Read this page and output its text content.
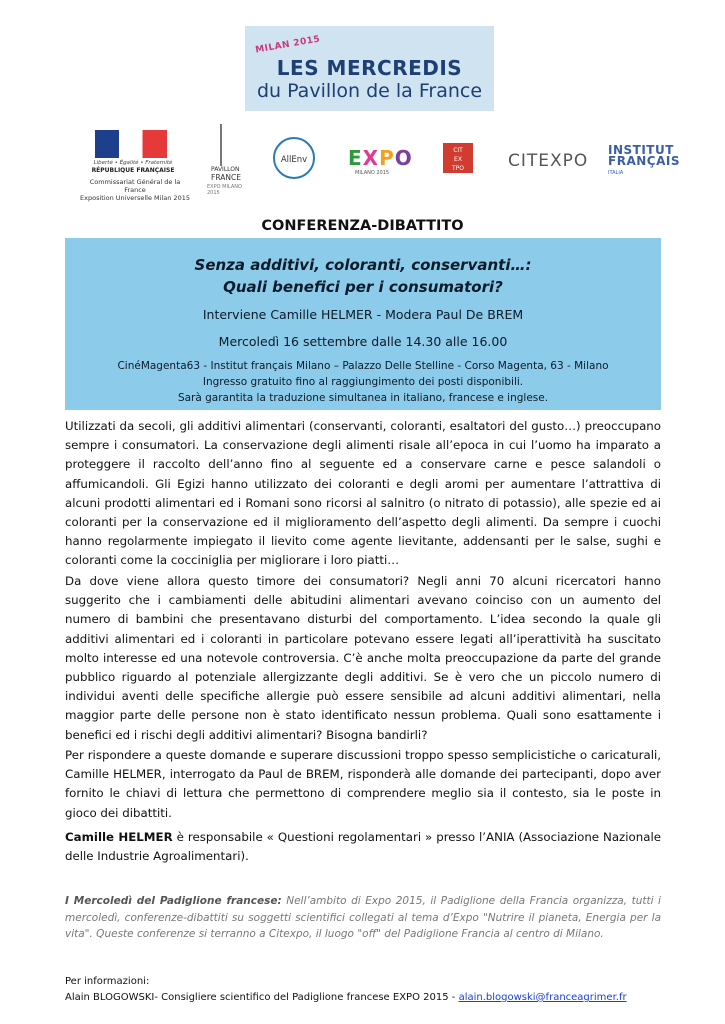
MILAN 2015
LES MERCREDIS
du Pavillon de la France
Liberté • Égalité • Fraternité
RÉPUBLIQUE FRANÇAISE
Commissariat Général de la France
Exposition Universelle Milan 2015
PAVILLON
FRANCE
EXPO MILANO 2015
AllEnv	EXPO
MILANO 2015
CIT
EX
TPO	CITEXPO
INSTITUT
FRANÇAIS
ITALIA
CONFERENZA-DIBATTITO
Senza additivi, coloranti, conservanti…:
Quali benefici per i consumatori?
Interviene Camille HELMER - Modera Paul De BREM
Mercoledì 16 settembre dalle 14.30 alle 16.00
CinéMagenta63 - Institut français Milano – Palazzo Delle Stelline - Corso Magenta, 63 - Milano
Ingresso gratuito fino al raggiungimento dei posti disponibili.
Sarà garantita la traduzione simultanea in italiano, francese e inglese.
Utilizzati da secoli, gli additivi alimentari (conservanti, coloranti, esaltatori del gusto…) preoccupano sempre i consumatori. La conservazione degli alimenti risale all’epoca in cui l’uomo ha imparato a proteggere il raccolto dell’anno fino al seguente ed a conservare carne e pesce salandoli o affumicandoli. Gli Egizi hanno utilizzato dei coloranti e degli aromi per aumentare l’attrattiva di alcuni prodotti alimentari ed i Romani sono ricorsi al salnitro (o nitrato di potassio), alle spezie ed ai coloranti per la conservazione ed il miglioramento dell’aspetto degli alimenti. Da sempre i cuochi hanno regolarmente impiegato il lievito come agente lievitante, addensanti per le salse, sughi e coloranti come la cocciniglia per migliorare i loro piatti…
Da dove viene allora questo timore dei consumatori? Negli anni 70 alcuni ricercatori hanno suggerito che i cambiamenti delle abitudini alimentari avevano coinciso con un aumento del numero di bambini che presentavano disturbi del comportamento. L’idea secondo la quale gli additivi alimentari ed i coloranti in particolare potevano essere legati all’iperattività ha suscitato molto interesse ed una notevole controversia. C’è anche molta preoccupazione da parte del grande pubblico riguardo al potenziale allergizzante degli additivi. Se è vero che un piccolo numero di individui aventi delle specifiche allergie può essere sensibile ad alcuni additivi alimentari, nella maggior parte delle persone non è stato identificato nessun problema. Quali sono esattamente i benefici ed i rischi degli additivi alimentari? Bisogna bandirli?
Per rispondere a queste domande e superare discussioni troppo spesso semplicistiche o caricaturali, Camille HELMER, interrogato da Paul de BREM, risponderà alle domande dei partecipanti, dopo aver fornito le chiavi di lettura che permettono di comprendere meglio sia il contesto, sia le poste in gioco dei dibattiti.
Camille HELMER è responsabile « Questioni regolamentari » presso l’ANIA (Associazione Nazionale delle Industrie Agroalimentari).
I Mercoledì del Padiglione francese: Nell’ambito di Expo 2015, il Padiglione della Francia organizza, tutti i mercoledì, conferenze-dibattiti su soggetti scientifici collegati al tema d’Expo "Nutrire il pianeta, Energia per la vita". Queste conferenze si terranno a Citexpo, il luogo "off" del Padiglione Francia al centro di Milano.
Per informazioni:
Alain BLOGOWSKI- Consigliere scientifico del Padiglione francese EXPO 2015 - alain.blogowski@franceagrimer.fr
